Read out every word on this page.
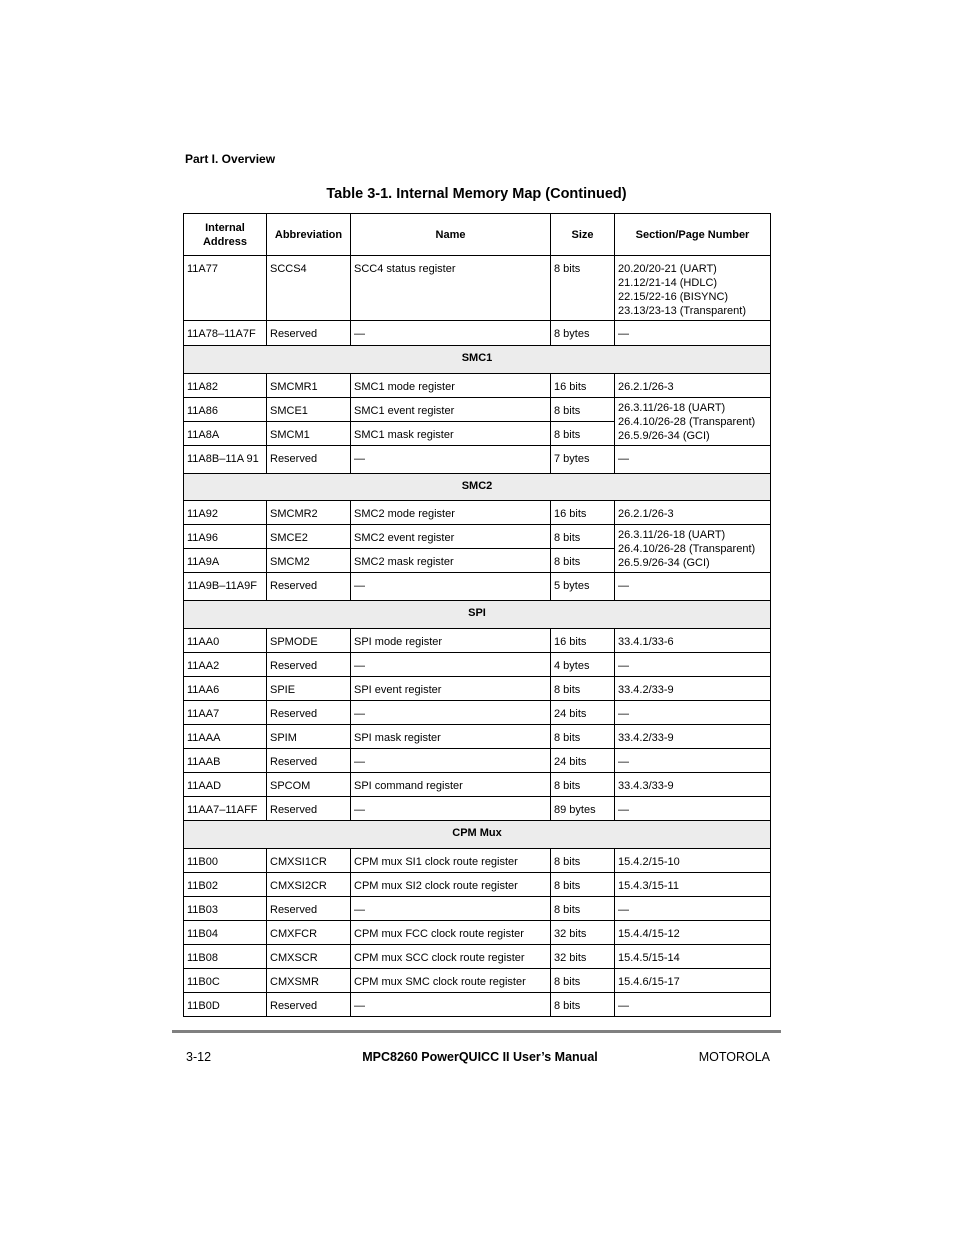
Part I. Overview
Table 3-1. Internal Memory Map (Continued)
Internal
Address	Abbreviation	Name	Size	Section/Page Number
11A77	SCCS4	SCC4 status register	8 bits	20.20/20-21 (UART)
21.12/21-14 (HDLC)
22.15/22-16 (BISYNC)
23.13/23-13 (Transparent)

11A78–11A7F	Reserved	—	8 bytes	—
SMC1				
11A82	SMCMR1	SMC1 mode register	16 bits	26.2.1/26-3
11A86	SMCE1	SMC1 event register	8 bits	26.3.11/26-18 (UART)
26.4.10/26-28 (Transparent)
26.5.9/26-34 (GCI)

11A8A	SMCM1	SMC1 mask register	8 bits	
11A8B–11A 91	Reserved	—	7 bytes	—
SMC2				
11A92	SMCMR2	SMC2 mode register	16 bits	26.2.1/26-3
11A96	SMCE2	SMC2 event register	8 bits	26.3.11/26-18 (UART)
26.4.10/26-28 (Transparent)
26.5.9/26-34 (GCI)

11A9A	SMCM2	SMC2 mask register	8 bits	
11A9B–11A9F	Reserved	—	5 bytes	—
SPI				
11AA0	SPMODE	SPI mode register	16 bits	33.4.1/33-6
11AA2	Reserved	—	4 bytes	—
11AA6	SPIE	SPI event register	8 bits	33.4.2/33-9
11AA7	Reserved	—	24 bits	—
11AAA	SPIM	SPI mask register	8 bits	33.4.2/33-9
11AAB	Reserved	—	24 bits	—
11AAD	SPCOM	SPI command register	8 bits	33.4.3/33-9
11AA7–11AFF	Reserved	—	89 bytes	—
CPM Mux				
11B00	CMXSI1CR	CPM mux SI1 clock route register	8 bits	15.4.2/15-10
11B02	CMXSI2CR	CPM mux SI2 clock route register	8 bits	15.4.3/15-11
11B03	Reserved	—	8 bits	—
11B04	CMXFCR	CPM mux FCC clock route register	32 bits	15.4.4/15-12
11B08	CMXSCR	CPM mux SCC clock route register	32 bits	15.4.5/15-14
11B0C	CMXSMR	CPM mux SMC clock route register	8 bits	15.4.6/15-17
11B0D	Reserved	—	8 bits	—
3-12	MPC8260 PowerQUICC II User’s Manual	MOTOROLA
